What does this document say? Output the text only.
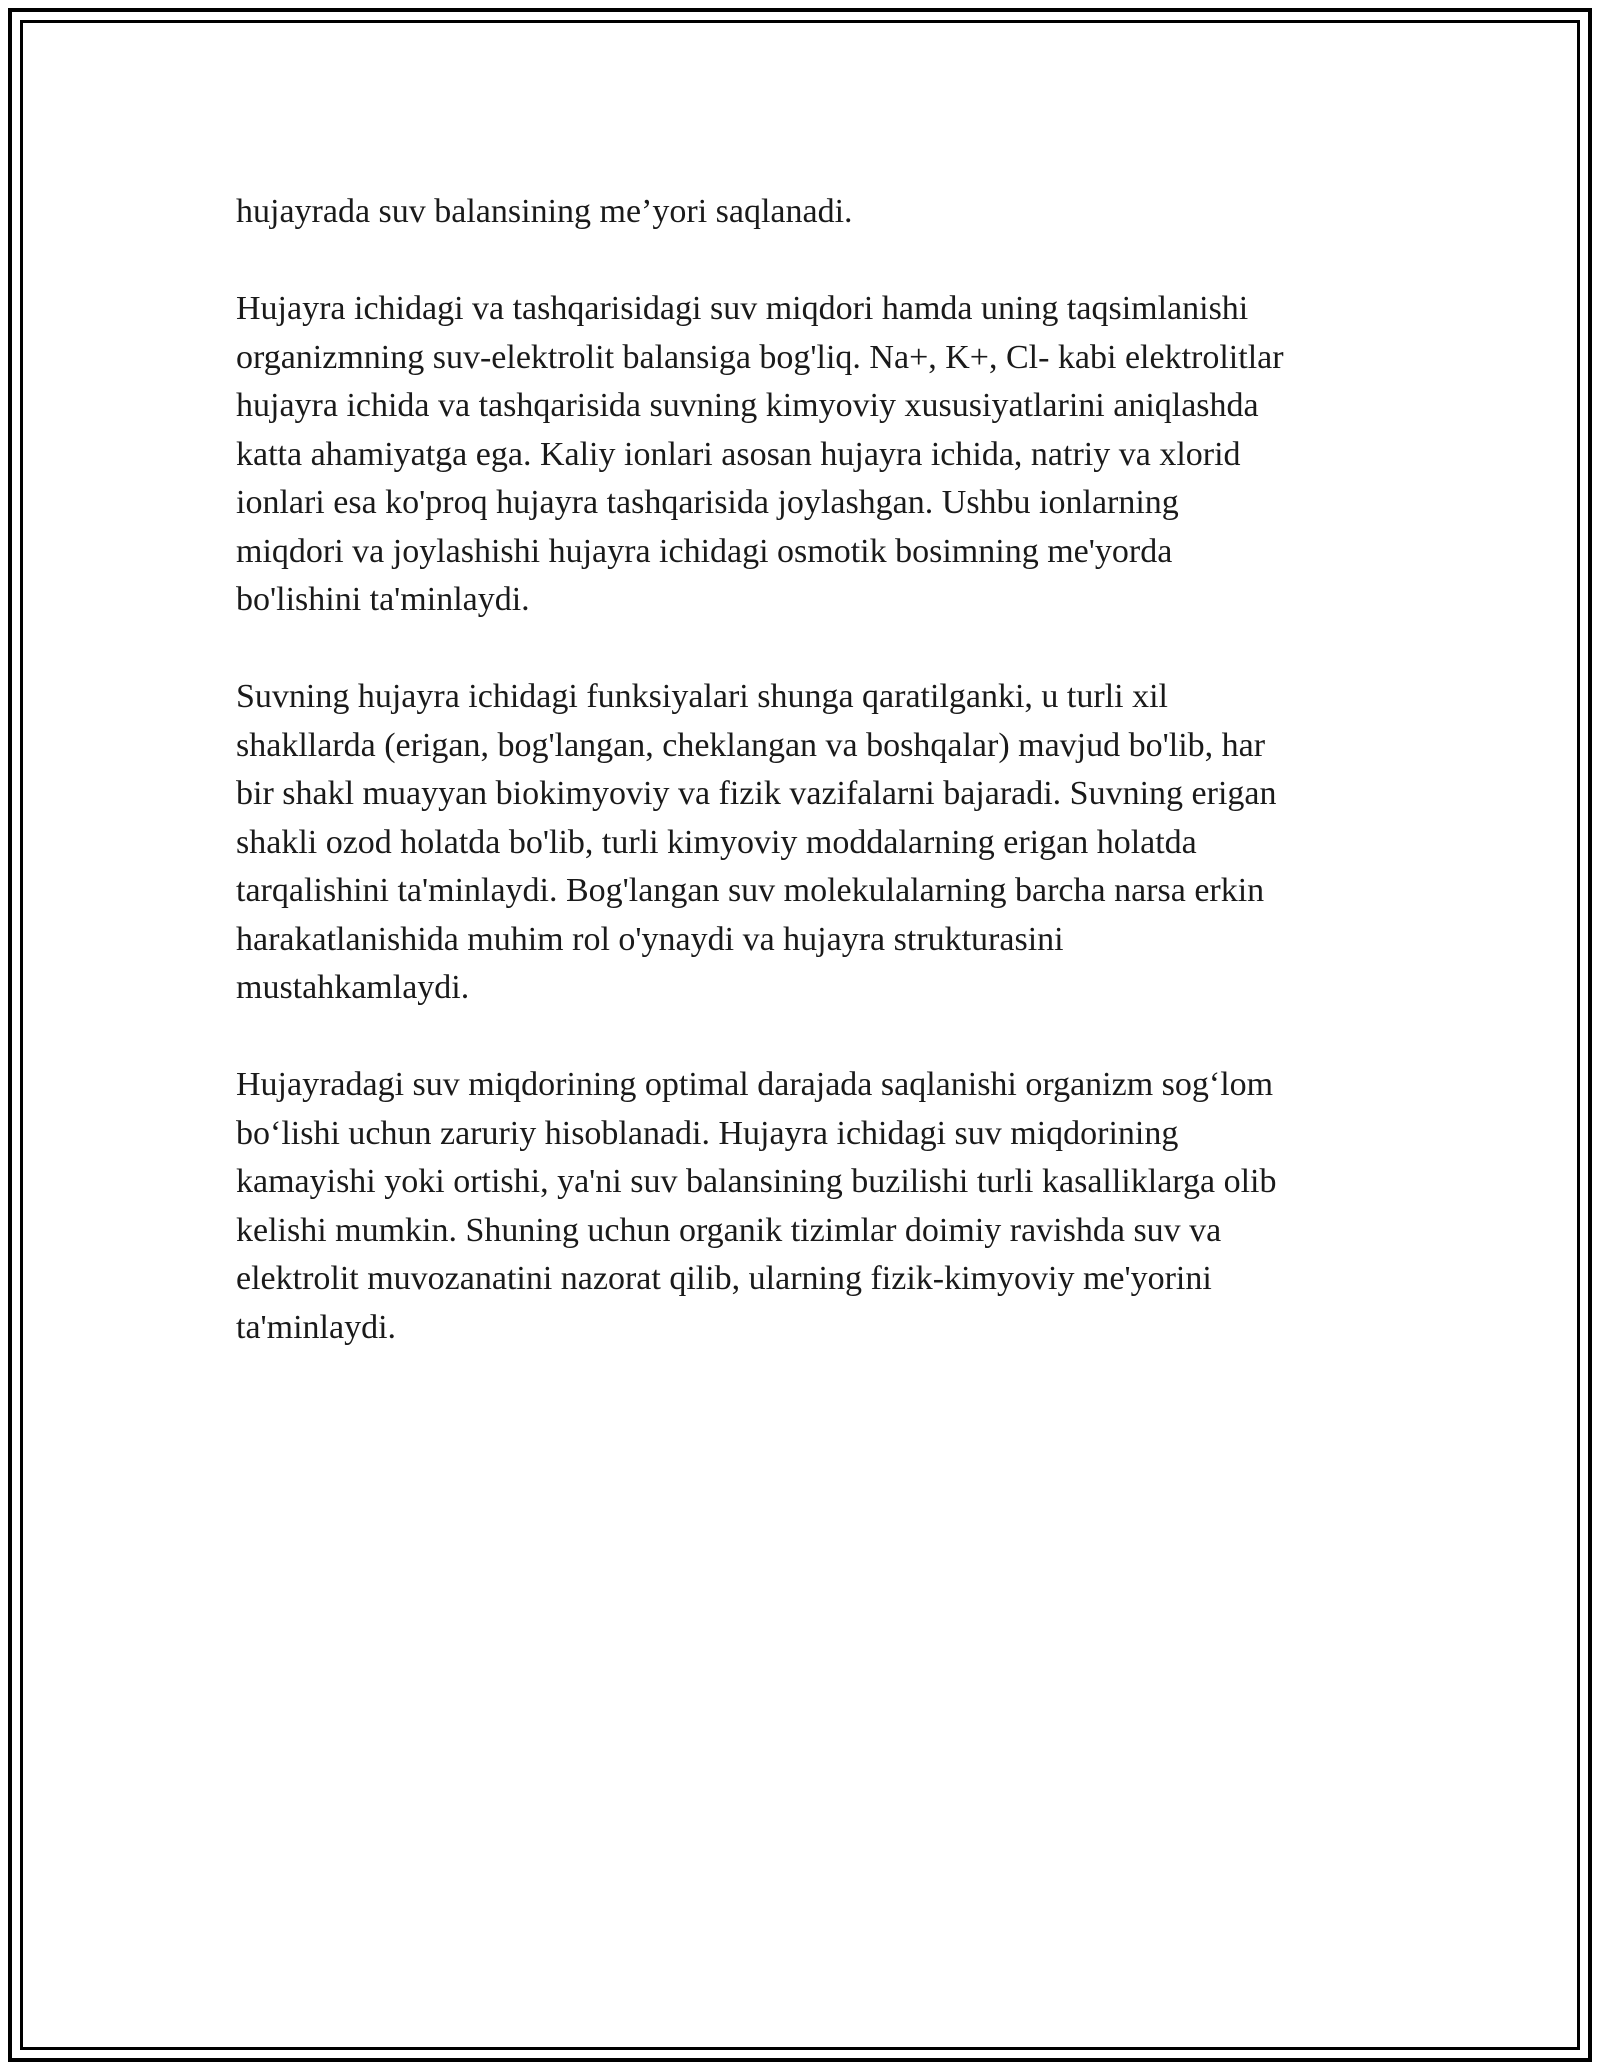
hujayrada suv balansining me’yori saqlanadi.

Hujayra ichidagi va tashqarisidagi suv miqdori hamda uning taqsimlanishi
organizmning suv-elektrolit balansiga bog'liq. Na+, K+, Cl- kabi elektrolitlar
hujayra ichida va tashqarisida suvning kimyoviy xususiyatlarini aniqlashda
katta ahamiyatga ega. Kaliy ionlari asosan hujayra ichida, natriy va xlorid
ionlari esa ko'proq hujayra tashqarisida joylashgan. Ushbu ionlarning
miqdori va joylashishi hujayra ichidagi osmotik bosimning me'yorda
bo'lishini ta'minlaydi.

Suvning hujayra ichidagi funksiyalari shunga qaratilganki, u turli xil
shakllarda (erigan, bog'langan, cheklangan va boshqalar) mavjud bo'lib, har
bir shakl muayyan biokimyoviy va fizik vazifalarni bajaradi. Suvning erigan
shakli ozod holatda bo'lib, turli kimyoviy moddalarning erigan holatda
tarqalishini ta'minlaydi. Bog'langan suv molekulalarning barcha narsa erkin
harakatlanishida muhim rol o'ynaydi va hujayra strukturasini
mustahkamlaydi.

Hujayradagi suv miqdorining optimal darajada saqlanishi organizm sog‘lom
bo‘lishi uchun zaruriy hisoblanadi. Hujayra ichidagi suv miqdorining
kamayishi yoki ortishi, ya'ni suv balansining buzilishi turli kasalliklarga olib
kelishi mumkin. Shuning uchun organik tizimlar doimiy ravishda suv va
elektrolit muvozanatini nazorat qilib, ularning fizik-kimyoviy me'yorini
ta'minlaydi.
